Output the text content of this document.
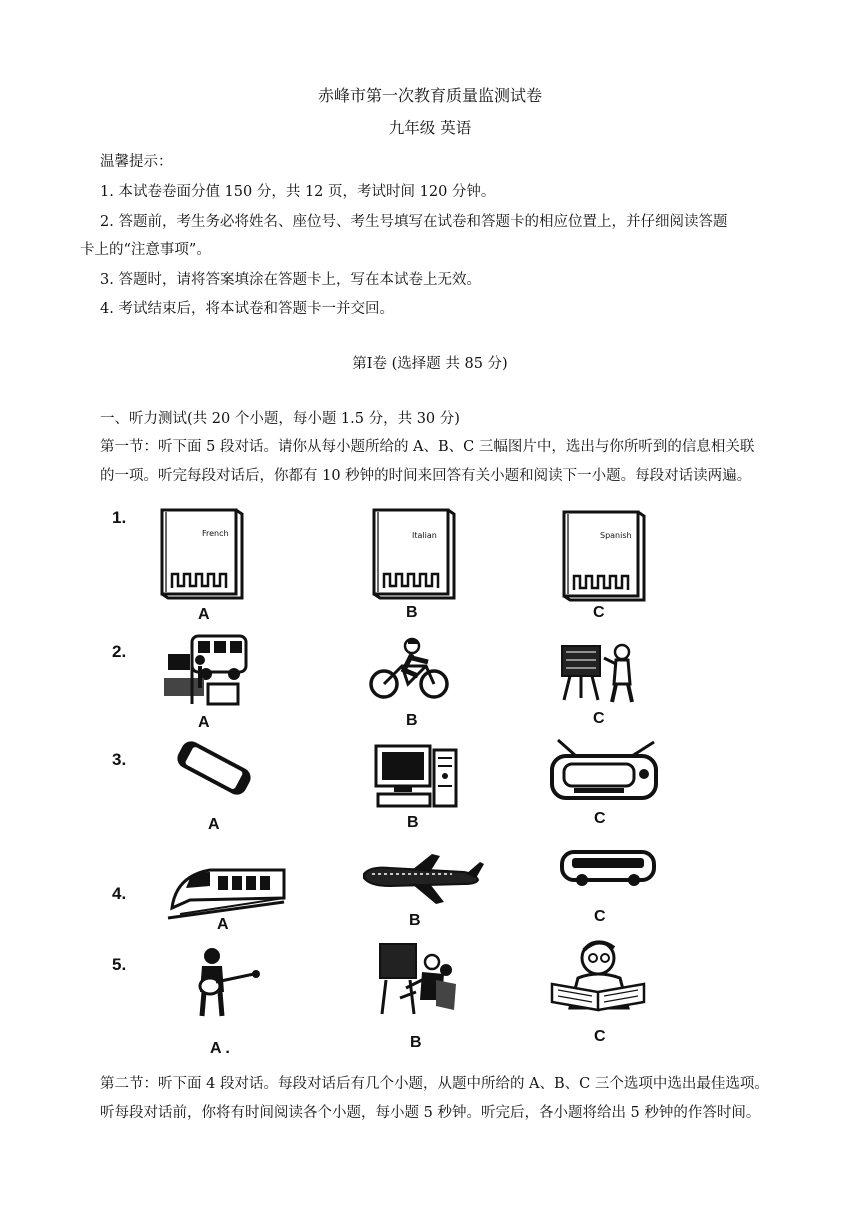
赤峰市第一次教育质量监测试卷
九年级 英语
温馨提示：
1. 本试卷卷面分值 150 分，共 12 页，考试时间 120 分钟。
2. 答题前，考生务必将姓名、座位号、考生号填写在试卷和答题卡的相应位置上，并仔细阅读答题
卡上的“注意事项”。
3. 答题时，请将答案填涂在答题卡上，写在本试卷上无效。
4. 考试结束后，将本试卷和答题卡一并交回。
第Ⅰ卷 (选择题 共 85 分)
一、听力测试(共 20 个小题，每小题 1.5 分，共 30 分)
第一节：听下面 5 段对话。请你从每小题所给的 A、B、C 三幅图片中，选出与你所听到的信息相关联
的一项。听完每段对话后，你都有 10 秒钟的时间来回答有关小题和阅读下一小题。每段对话读两遍。
1.
2.
3.
4.
5.
French	Italian	Spanish
A	B	C
A	B	C
A	B	C
A	B	C
A .	B	C
第二节：听下面 4 段对话。每段对话后有几个小题，从题中所给的 A、B、C 三个选项中选出最佳选项。
听每段对话前，你将有时间阅读各个小题，每小题 5 秒钟。听完后，各小题将给出 5 秒钟的作答时间。
